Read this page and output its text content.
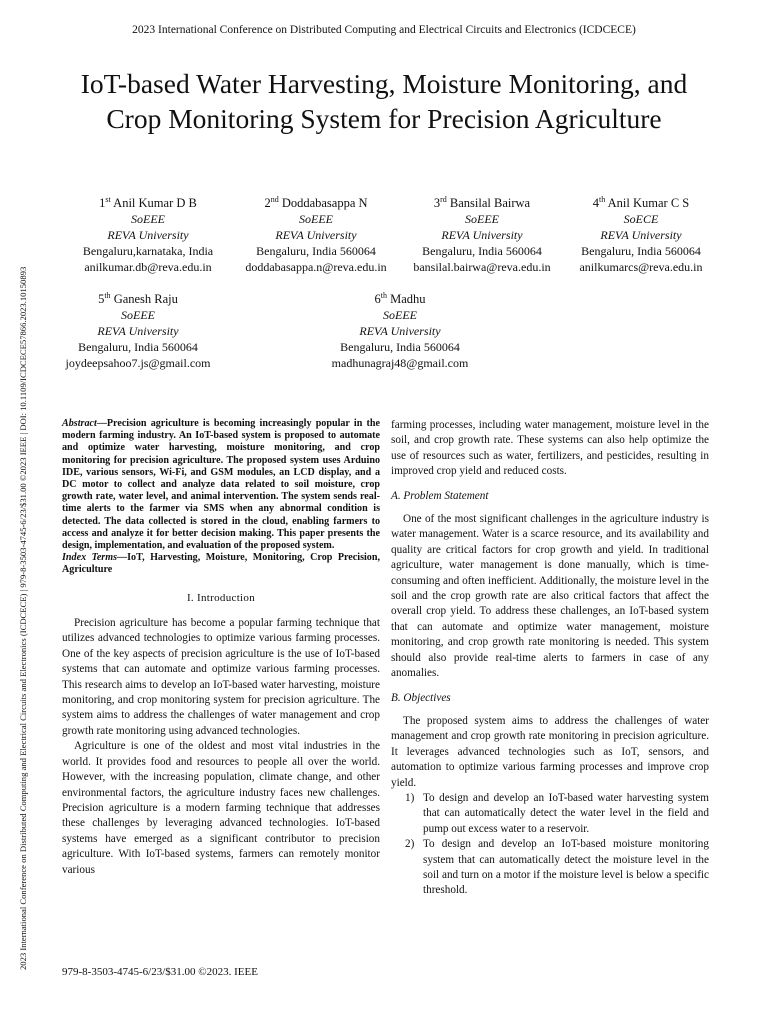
2023 International Conference on Distributed Computing and Electrical Circuits and Electronics (ICDCECE)
2023 International Conference on Distributed Computing and Electrical Circuits and Electronics (ICDCECE) | 979-8-3503-4745-6/23/$31.00 ©2023 IEEE | DOI: 10.1109/ICDCECE57866.2023.10150893
IoT-based Water Harvesting, Moisture Monitoring, and Crop Monitoring System for Precision Agriculture
1st Anil Kumar D B
SoEEE
REVA University
Bengaluru,karnataka, India
anilkumar.db@reva.edu.in
2nd Doddabasappa N
SoEEE
REVA University
Bengaluru, India 560064
doddabasappa.n@reva.edu.in
3rd Bansilal Bairwa
SoEEE
REVA University
Bengaluru, India 560064
bansilal.bairwa@reva.edu.in
4th Anil Kumar C S
SoECE
REVA University
Bengaluru, India 560064
anilkumarcs@reva.edu.in
5th Ganesh Raju
SoEEE
REVA University
Bengaluru, India 560064
joydeepsahoo7.js@gmail.com
6th Madhu
SoEEE
REVA University
Bengaluru, India 560064
madhunagraj48@gmail.com

Abstract—Precision agriculture is becoming increasingly popular in the modern farming industry. An IoT-based system is proposed to automate and optimize water harvesting, moisture monitoring, and crop monitoring for precision agriculture. The proposed system uses Arduino IDE, various sensors, Wi-Fi, and GSM modules, an LCD display, and a DC motor to collect and analyze data related to soil moisture, crop growth rate, water level, and animal intervention. The system sends real-time alerts to the farmer via SMS when any abnormal condition is detected. The data collected is stored in the cloud, enabling farmers to access and analyze it for better decision making. This paper presents the design, implementation, and evaluation of the proposed system.

Index Terms—IoT, Harvesting, Moisture, Monitoring, Crop Precision, Agriculture

I. Introduction

Precision agriculture has become a popular farming technique that utilizes advanced technologies to optimize various farming processes. One of the key aspects of precision agriculture is the use of IoT-based systems that can automate and optimize various farming processes. This research aims to develop an IoT-based water harvesting, moisture monitoring, and crop monitoring system for precision agriculture. The system aims to address the challenges of water management and crop growth rate monitoring using advanced technologies.

Agriculture is one of the oldest and most vital industries in the world. It provides food and resources to people all over the world. However, with the increasing population, climate change, and other environmental factors, the agriculture industry faces new challenges. Precision agriculture is a modern farming technique that addresses these challenges by leveraging advanced technologies. IoT-based systems have emerged as a significant contributor to precision agriculture. With IoT-based systems, farmers can remotely monitor various

farming processes, including water management, moisture level in the soil, and crop growth rate. These systems can also help optimize the use of resources such as water, fertilizers, and pesticides, resulting in improved crop yield and reduced costs.

A. Problem Statement

One of the most significant challenges in the agriculture industry is water management. Water is a scarce resource, and its availability and quality are critical factors for crop growth and yield. In traditional agriculture, water management is done manually, which is time-consuming and often inefficient. Additionally, the moisture level in the soil and the crop growth rate are also critical factors that affect the overall crop yield. To address these challenges, an IoT-based system that can automate and optimize water management, moisture monitoring, and crop growth rate monitoring is needed. This system should also provide real-time alerts to farmers in case of any anomalies.

B. Objectives

The proposed system aims to address the challenges of water management and crop growth rate monitoring in precision agriculture. It leverages advanced technologies such as IoT, sensors, and automation to optimize various farming processes and improve crop yield.

1) To design and develop an IoT-based water harvesting system that can automatically detect the water level in the field and pump out excess water to a reservoir.
2) To design and develop an IoT-based moisture monitoring system that can automatically detect the moisture level in the soil and turn on a motor if the moisture level is below a specific threshold.
979-8-3503-4745-6/23/$31.00 ©2023. IEEE
